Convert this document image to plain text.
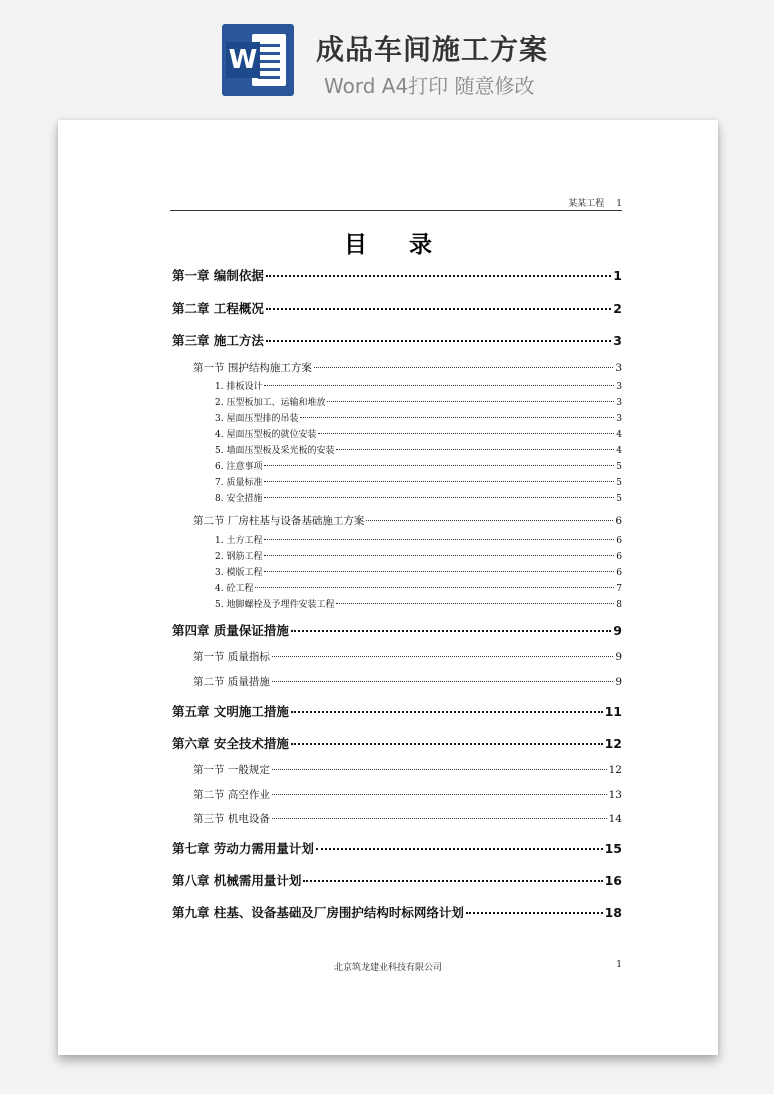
W 成品车间施工方案
Word A4打印 随意修改
某某工程 1
目录
第一章 编制依据	1
第二章 工程概况	2
第三章 施工方法	3
第一节 围护结构施工方案	3
1. 排板设计	3
2. 压型板加工、运输和堆放	3
3. 屋面压型排的吊装	3
4. 屋面压型板的就位安装	4
5. 墙面压型板及采光板的安装	4
6. 注意事项	5
7. 质量标准	5
8. 安全措施	5
第二节 厂房柱基与设备基础施工方案	6
1. 土方工程	6
2. 钢筋工程	6
3. 模版工程	6
4. 砼工程	7
5. 地脚螺栓及予埋件安装工程	8
第四章 质量保证措施	9
第一节 质量指标	9
第二节 质量措施	9
第五章 文明施工措施	11
第六章 安全技术措施	12
第一节 一般规定	12
第二节 高空作业	13
第三节 机电设备	14
第七章 劳动力需用量计划	15
第八章 机械需用量计划	16
第九章 柱基、设备基础及厂房围护结构时标网络计划	18
北京筑龙建业科技有限公司	1
